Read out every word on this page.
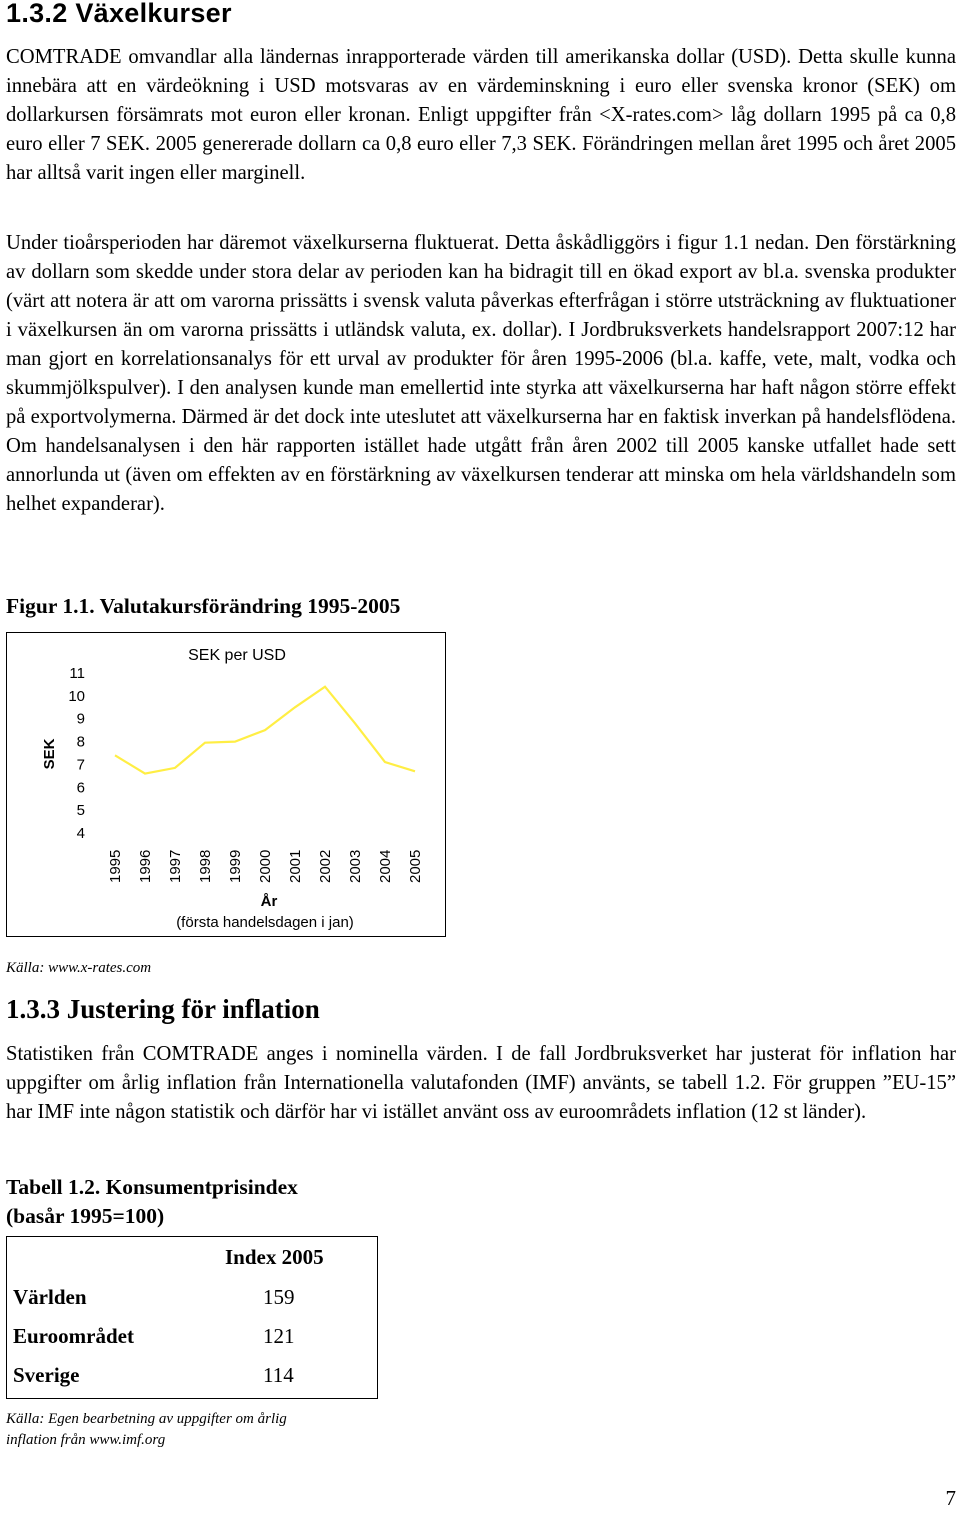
1.3.2 Växelkurser

COMTRADE omvandlar alla ländernas inrapporterade värden till amerikanska dollar (USD). Detta skulle kunna innebära att en värdeökning i USD motsvaras av en värdeminskning i euro eller svenska kronor (SEK) om dollarkursen försämrats mot euron eller kronan. Enligt uppgifter från <X-rates.com> låg dollarn 1995 på ca 0,8 euro eller 7 SEK. 2005 genererade dollarn ca 0,8 euro eller 7,3 SEK. Förändringen mellan året 1995 och året 2005 har alltså varit ingen eller marginell.

Under tioårsperioden har däremot växelkurserna fluktuerat. Detta åskådliggörs i figur 1.1 nedan. Den förstärkning av dollarn som skedde under stora delar av perioden kan ha bidragit till en ökad export av bl.a. svenska produkter (värt att notera är att om varorna prissätts i svensk valuta påverkas efterfrågan i större utsträckning av fluktuationer i växelkursen än om varorna prissätts i utländsk valuta, ex. dollar). I Jordbruksverkets handelsrapport 2007:12 har man gjort en korrelationsanalys för ett urval av produkter för åren 1995-2006 (bl.a. kaffe, vete, malt, vodka och skummjölkspulver). I den analysen kunde man emellertid inte styrka att växelkurserna har haft någon större effekt på exportvolymerna. Därmed är det dock inte uteslutet att växelkurserna har en faktisk inverkan på handelsflödena. Om handelsanalysen i den här rapporten istället hade utgått från åren 2002 till 2005 kanske utfallet hade sett annorlunda ut (även om effekten av en förstärkning av växelkursen tenderar att minska om hela världshandeln som helhet expanderar).

Figur 1.1. Valutakursförändring 1995-2005

SEK per USD
SEK
4
5
6
7
8
9
10
11
1995 1996 1997 1998 1999 2000 2001 2002 2003 2004 2005
År
(första handelsdagen i jan)

Källa: www.x-rates.com

1.3.3 Justering för inflation

Statistiken från COMTRADE anges i nominella värden. I de fall Jordbruksverket har justerat för inflation har uppgifter om årlig inflation från Internationella valutafonden (IMF) använts, se tabell 1.2. För gruppen ”EU-15” har IMF inte någon statistik och därför har vi istället använt oss av euroområdets inflation (12 st länder).

Tabell 1.2. Konsumentprisindex

(basår 1995=100)

Index 2005
Världen	159
Euroområdet	121
Sverige	114

Källa: Egen bearbetning av uppgifter om årlig

inflation från www.imf.org

7
